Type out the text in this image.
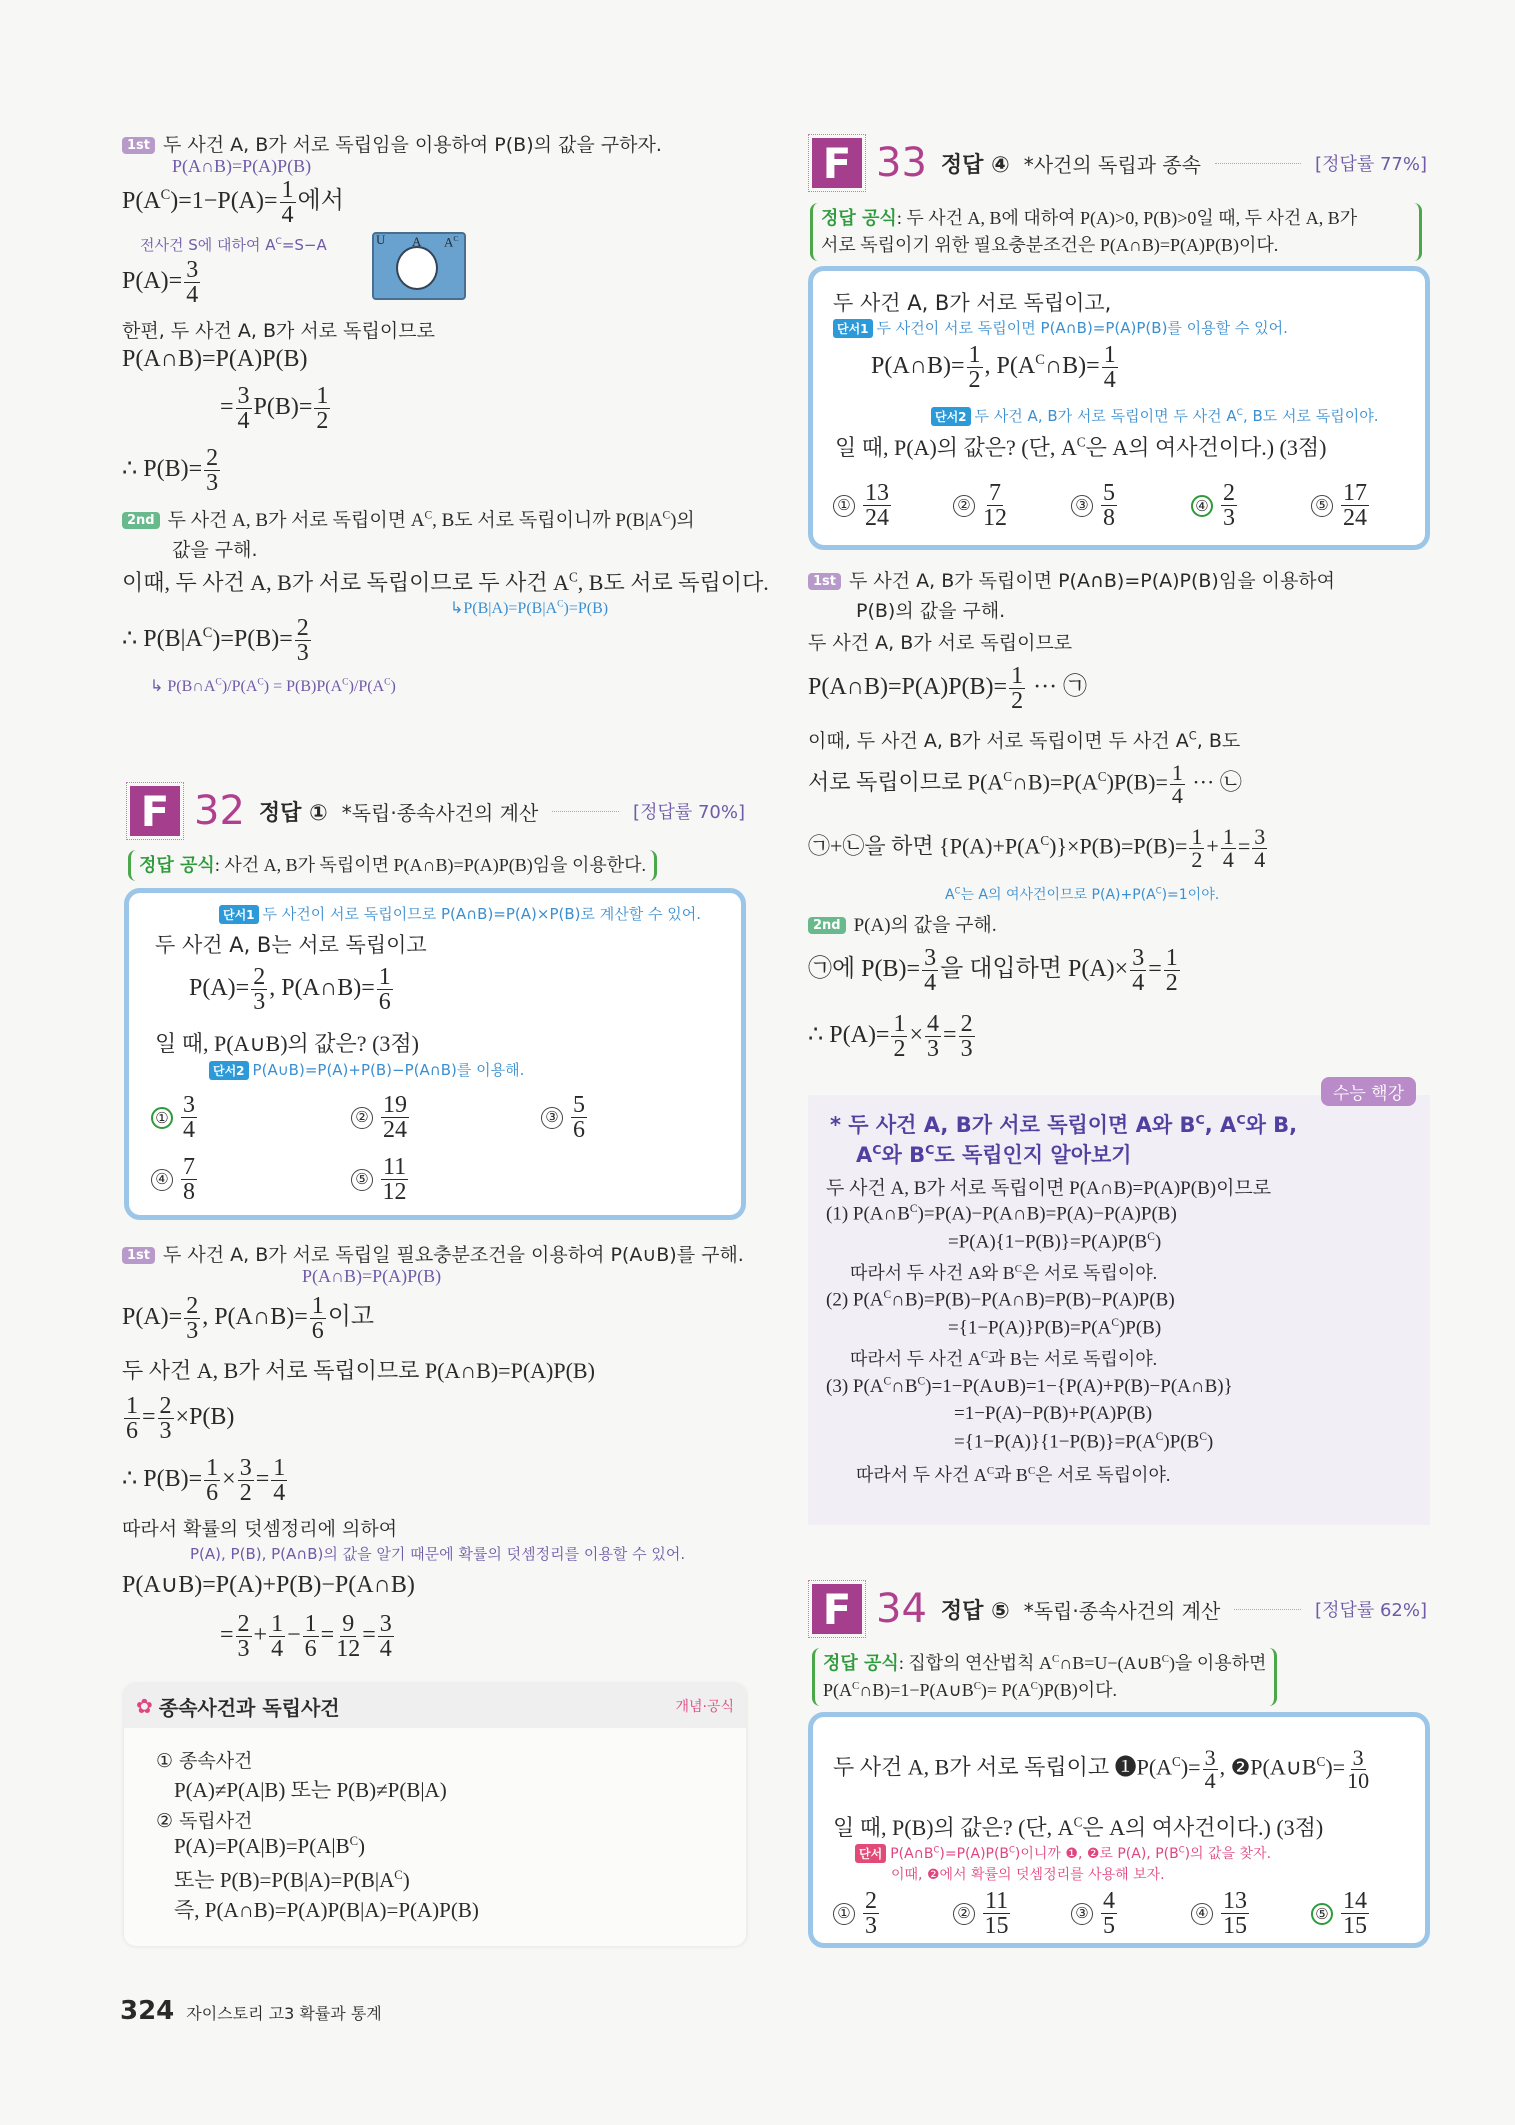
1st 두 사건 A, B가 서로 독립임을 이용하여 P(B)의 값을 구하자.
P(A∩B)=P(A)P(B)
$P(A^C)=1-P(A)= \frac{1}{4}$ 에서
전사건 S에 대하여 $A^C=S-A$	U A $A^C$
$P(A)= \frac{3}{4}$
한편, 두 사건 A, B가 서로 독립이므로
P(A∩B)=P(A)P(B)
= $\frac{3}{4} P(B)= \frac{1}{2}$
∴ $P(B)= \frac{2}{3}$
2nd 두 사건 A, B가 서로 독립이면 $A^C$, B도 서로 독립이니까 $P(B|A^C)$의
값을 구해.
이때, 두 사건 A, B가 서로 독립이므로 두 사건 $A^C$, B도 서로 독립이다.
$↳P(B|A)=P(B|A^C)=P(B)$
∴ $P(B|A^C)=P(B)= \frac{2}{3}$
↳ $P(B\cap A^C)/P(A^C) = P(B)P(A^C)/P(A^C)$
F 32 정답 ① *독립·종속사건의 계산	[정답률 70%]
정답 공식: 사건 A, B가 독립이면 P(A∩B)=P(A)P(B)임을 이용한다.
단서1 두 사건이 서로 독립이므로 P(A∩B)=P(A)×P(B)로 계산할 수 있어.
두 사건 A, B는 서로 독립이고
$P(A)= \frac{2}{3}$ , P(A∩B)= $\frac{1}{6}$
일 때, P(A∪B)의 값은? (3점)
단서2 P(A∪B)=P(A)+P(B)−P(A∩B)를 이용해.
① $\frac{3}{4}$	② $\frac{19}{24}$	③ $\frac{5}{6}$
④ $\frac{7}{8}$	⑤ $\frac{11}{12}$
1st 두 사건 A, B가 서로 독립일 필요충분조건을 이용하여 P(A∪B)를 구해.
P(A∩B)=P(A)P(B)
$P(A)= \frac{2}{3}$ , P(A∩B)= $\frac{1}{6}$ 이고
두 사건 A, B가 서로 독립이므로 P(A∩B)=P(A)P(B)
$\frac{1}{6} = \frac{2}{3} \times P(B)$
∴ $P(B)= \frac{1}{6} \times \frac{3}{2} = \frac{1}{4}$
따라서 확률의 덧셈정리에 의하여
P(A), P(B), P(A∩B)의 값을 알기 때문에 확률의 덧셈정리를 이용할 수 있어.
P(A∪B)=P(A)+P(B)−P(A∩B)
= $\frac{2}{3} + \frac{1}{4} - \frac{1}{6} = \frac{9}{12} = \frac{3}{4}$
✿ 종속사건과 독립사건	개념·공식
① 종속사건
P(A)≠P(A|B) 또는 P(B)≠P(B|A)
② 독립사건
$P(A)=P(A|B)=P(A|B^C)$
또는 $P(B)=P(B|A)=P(B|A^C)$
즉, P(A∩B)=P(A)P(B|A)=P(A)P(B)
324 자이스토리 고3 확률과 통계
F 33 정답 ④ *사건의 독립과 종속	[정답률 77%]
정답 공식: 두 사건 A, B에 대하여 P(A)>0, P(B)>0일 때, 두 사건 A, B가
서로 독립이기 위한 필요충분조건은 P(A∩B)=P(A)P(B)이다.
두 사건 A, B가 서로 독립이고,
단서1 두 사건이 서로 독립이면 P(A∩B)=P(A)P(B)를 이용할 수 있어.
P(A∩B)= $\frac{1}{2}$ , $P(A^C\cap B)= \frac{1}{4}$
단서2 두 사건 A, B가 서로 독립이면 두 사건 $A^C$, B도 서로 독립이야.
일 때, P(A)의 값은? (단, $A^C$은 A의 여사건이다.) (3점)
① $\frac{13}{24}$	② $\frac{7}{12}$	③ $\frac{5}{8}$	④ $\frac{2}{3}$	⑤ $\frac{17}{24}$
1st 두 사건 A, B가 독립이면 P(A∩B)=P(A)P(B)임을 이용하여
P(B)의 값을 구해.
두 사건 A, B가 서로 독립이므로
P(A∩B)=P(A)P(B)= $\frac{1}{2}$ ··· ㉠
이때, 두 사건 A, B가 서로 독립이면 두 사건 $A^C$, B도
서로 독립이므로 $P(A^C\cap B)=P(A^C)P(B)= \frac{1}{4}$ ··· ㉡
㉠+㉡을 하면 $\{P(A)+P(A^C)\}\times P(B)=P(B)= \frac{1}{2} + \frac{1}{4} = \frac{3}{4}$
$A^C$는 A의 여사건이므로 $P(A)+P(A^C)=1$이야.
2nd P(A)의 값을 구해.
㉠에 $P(B)= \frac{3}{4}$ 을 대입하면 $P(A)\times \frac{3}{4} = \frac{1}{2}$
∴ $P(A)= \frac{1}{2} \times \frac{4}{3} = \frac{2}{3}$
수능 핵강
* 두 사건 A, B가 서로 독립이면 A와 $B^C$, $A^C$와 B,
$A^C$와 $B^C$도 독립인지 알아보기
두 사건 A, B가 서로 독립이면 P(A∩B)=P(A)P(B)이므로
(1) $P(A\cap B^C)=P(A)-P(A\cap B)=P(A)-P(A)P(B)$
$=P(A)\{1-P(B)\}=P(A)P(B^C)$
따라서 두 사건 A와 $B^C$은 서로 독립이야.
(2) $P(A^C\cap B)=P(B)-P(A\cap B)=P(B)-P(A)P(B)$
$=\{1-P(A)\}P(B)=P(A^C)P(B)$
따라서 두 사건 $A^C$과 B는 서로 독립이야.
(3) $P(A^C\cap B^C)=1-P(A\cup B)=1-\{P(A)+P(B)-P(A\cap B)\}$
=1−P(A)−P(B)+P(A)P(B)
$=\{1-P(A)\}\{1-P(B)\}=P(A^C)P(B^C)$
따라서 두 사건 $A^C$과 $B^C$은 서로 독립이야.
F 34 정답 ⑤ *독립·종속사건의 계산	[정답률 62%]
정답 공식: 집합의 연산법칙 $A^C\cap B=U-(A\cup B^C)$을 이용하면
$P(A^C\cap B)=1-P(A\cup B^C)= P(A^C)P(B)$이다.
두 사건 A, B가 서로 독립이고 $❶P(A^C)= \frac{3}{4}$ , $❷P(A\cup B^C)= \frac{3}{10}$
일 때, P(B)의 값은? (단, $A^C$은 A의 여사건이다.) (3점)
단서 $P(A\cap B^C)=P(A)P(B^C)$이니까 ❶, ❷로 P(A), $P(B^C)$의 값을 찾자.
이때, ❷에서 확률의 덧셈정리를 사용해 보자.
① $\frac{2}{3}$	② $\frac{11}{15}$	③ $\frac{4}{5}$	④ $\frac{13}{15}$	⑤ $\frac{14}{15}$
